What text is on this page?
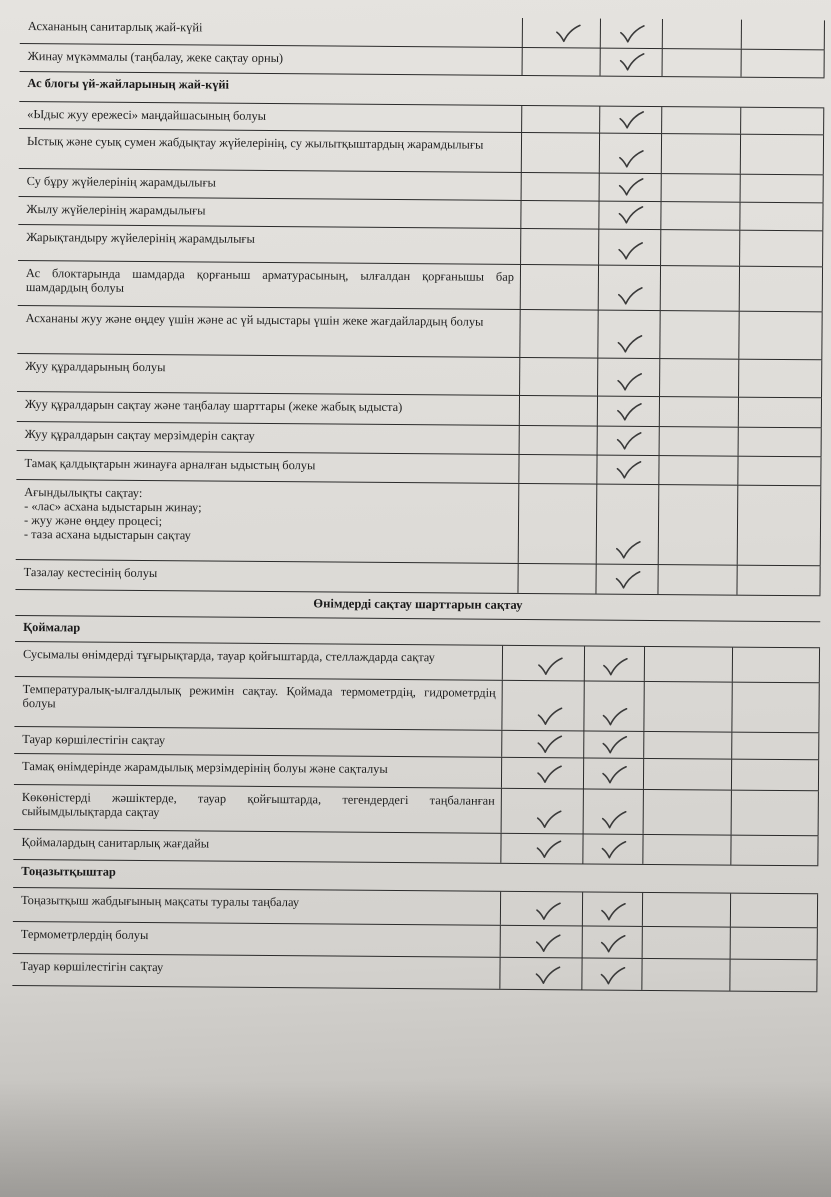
Асхананың санитарлық жай-күйі
Жинау мүкәммалы (таңбалау, жеке сақтау орны)
Ас блогы үй-жайларының жай-күйі
«Ыдыс жуу ережесі» маңдайшасының болуы
Ыстық және суық сумен жабдықтау жүйелерінің, су жылытқыштардың жарамдылығы
Су бұру жүйелерінің жарамдылығы
Жылу жүйелерінің жарамдылығы
Жарықтандыру жүйелерінің жарамдылығы
Ас блоктарында шамдарда қорғаныш арматурасының, ылғалдан қорғанышы бар шамдардың болуы
Асхананы жуу және өңдеу үшін және ас үй ыдыстары үшін жеке жағдайлардың болуы
Жуу құралдарының болуы
Жуу құралдарын сақтау және таңбалау шарттары (жеке жабық ыдыста)
Жуу құралдарын сақтау мерзімдерін сақтау
Тамақ қалдықтарын жинауға арналған ыдыстың болуы
Ағындылықты сақтау:
- «лас» асхана ыдыстарын жинау;
- жуу және өңдеу процесі;
- таза асхана ыдыстарын сақтау
Тазалау кестесінің болуы
Өнімдерді сақтау шарттарын сақтау
Қоймалар
Сусымалы өнімдерді тұғырықтарда, тауар қойғыштарда, стеллаждарда сақтау
Температуралық-ылғалдылық режимін сақтау. Қоймада термометрдің, гидрометрдің болуы
Тауар көршілестігін сақтау
Тамақ өнімдерінде жарамдылық мерзімдерінің болуы және сақталуы
Көкөністерді жәшіктерде, тауар қойғыштарда, тегендердегі таңбаланған сыйымдылықтарда сақтау
Қоймалардың санитарлық жағдайы
Тоңазытқыштар
Тоңазытқыш жабдығының мақсаты туралы таңбалау
Термометрлердің болуы
Тауар көршілестігін сақтау
